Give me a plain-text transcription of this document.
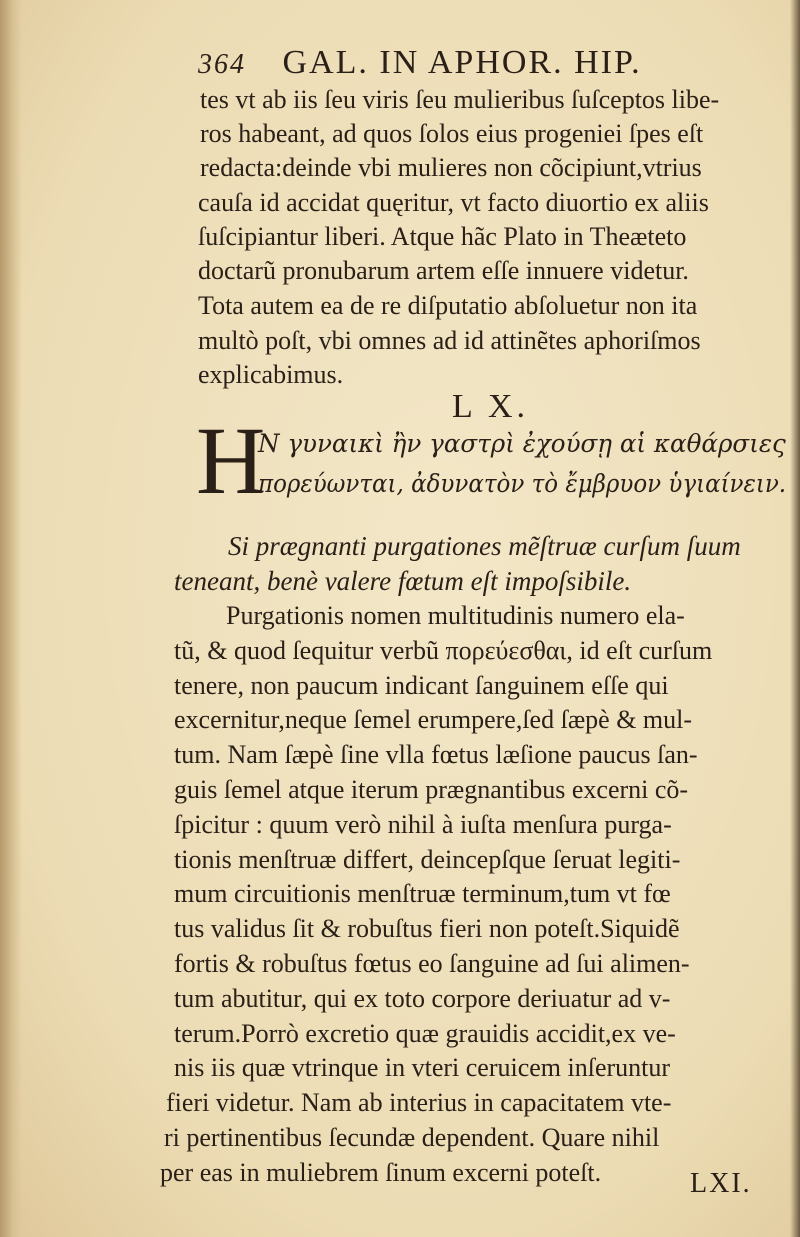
364 GAL. IN APHOR. HIP.
tes vt ab iis ſeu viris ſeu mulieribus ſuſceptos libe-
ros habeant, ad quos ſolos eius progeniei ſpes eſt
redacta:deinde vbi mulieres non cõcipiunt,vtrius
cauſa id accidat quęritur, vt facto diuortio ex aliis
ſuſcipiantur liberi. Atque hãc Plato in Theæteto
doctarũ pronubarum artem eſſe innuere videtur.
Tota autem ea de re diſputatio abſoluetur non ita
multò poſt, vbi omnes ad id attinẽtes aphoriſmos
explicabimus.
L X.
H
N γυναικὶ ἢν γαστρὶ ἐχούσῃ αἱ καθάρσιες
πορεύωνται, ἀδυνατὸν τὸ ἔμβρυον ὑγιαίνειν.
Si prægnanti purgationes mẽſtruæ curſum ſuum
teneant, benè valere fœtum eſt impoſsibile.
Purgationis nomen multitudinis numero ela-
tũ, & quod ſequitur verbũ πορεύεσθαι, id eſt curſum
tenere, non paucum indicant ſanguinem eſſe qui
excernitur,neque ſemel erumpere,ſed ſæpè & mul-
tum. Nam ſæpè ſine vlla fœtus læſione paucus ſan-
guis ſemel atque iterum prægnantibus excerni cõ-
ſpicitur : quum verò nihil à iuſta menſura purga-
tionis menſtruæ differt, deincepſque ſeruat legiti-
mum circuitionis menſtruæ terminum,tum vt fœ
tus validus ſit & robuſtus fieri non poteſt.Siquidẽ
fortis & robuſtus fœtus eo ſanguine ad ſui alimen-
tum abutitur, qui ex toto corpore deriuatur ad v-
terum.Porrò excretio quæ grauidis accidit,ex ve-
nis iis quæ vtrinque in vteri ceruicem inſeruntur
fieri videtur. Nam ab interius in capacitatem vte-
ri pertinentibus ſecundæ dependent. Quare nihil
per eas in muliebrem ſinum excerni poteſt.	LXI.
